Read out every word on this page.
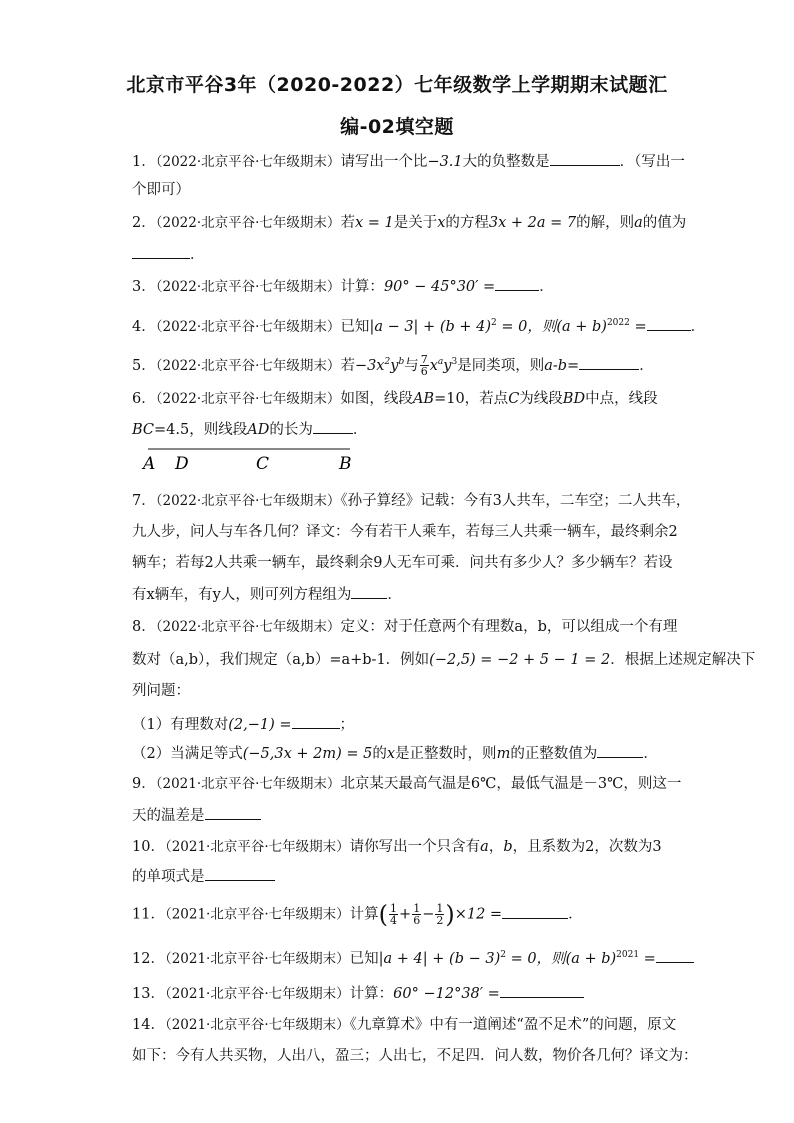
北京市平谷3年（2020-2022）七年级数学上学期期末试题汇
编-02填空题
1．（2022·北京平谷·七年级期末）请写出一个比−3.1大的负整数是	．（写出一
个即可）
2．（2022·北京平谷·七年级期末）若x = 1是关于x的方程3x + 2a = 7的解，则a的值为
．
3．（2022·北京平谷·七年级期末）计算：90° − 45°30′ =	．
4．（2022·北京平谷·七年级期末）已知$|a - 3| + (b + 4)^2 = 0$，则$(a + b)^{2022}$ =	．
5．（2022·北京平谷·七年级期末）若$-3x^2y^b$与 $\frac{7}{6} x^ay^3$是同类项，则a-b=	．
6．（2022·北京平谷·七年级期末）如图，线段AB=10，若点C为线段BD中点，线段
BC=4.5，则线段AD的长为	．
A D	C	B
7．（2022·北京平谷·七年级期末）《孙子算经》记载：今有3人共车，二车空；二人共车，
九人步，问人与车各几何？译文：今有若干人乘车，若每三人共乘一辆车，最终剩余2
辆车；若每2人共乘一辆车，最终剩余9人无车可乘．问共有多少人？多少辆车？若设
有x辆车，有y人，则可列方程组为 ．
8．（2022·北京平谷·七年级期末）定义：对于任意两个有理数a，b，可以组成一个有理
数对（a,b），我们规定（a,b）=a+b-1．例如(−2,5) = −2 + 5 − 1 = 2．根据上述规定解决下
列问题：
（1）有理数对(2,−1) =	；
（2）当满足等式(−5,3x + 2m) = 5的x是正整数时，则m的正整数值为	．
9．（2021·北京平谷·七年级期末）北京某天最高气温是6℃，最低气温是－3℃，则这一
天的温差是
10．（2021·北京平谷·七年级期末）请你写出一个只含有a，b，且系数为2，次数为3
的单项式是
11．（2021·北京平谷·七年级期末）计算( $\frac{1}{4} + \frac{1}{6} - \frac{1}{2} )\times 12$ =	．
12．（2021·北京平谷·七年级期末）已知$|a + 4| + (b - 3)^2 = 0$，则$(a + b)^{2021}$ =
13．（2021·北京平谷·七年级期末）计算：60° −12°38′ =
14．（2021·北京平谷·七年级期末）《九章算术》中有一道阐述“盈不足术”的问题，原文
如下：今有人共买物，人出八，盈三；人出七，不足四．问人数，物价各几何？译文为：
